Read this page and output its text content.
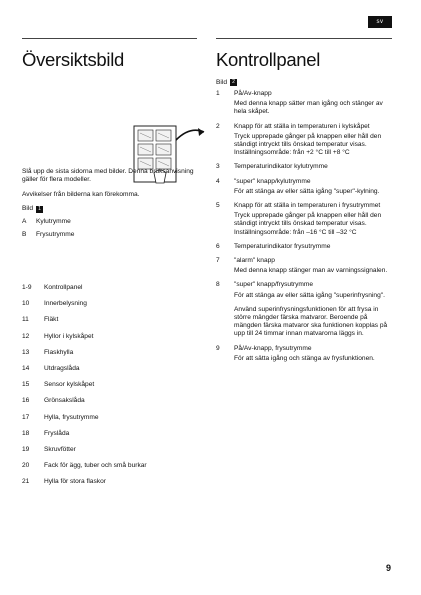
sv
Översiktsbild

Slå upp de sista sidorna med bilder. Denna bruksanvisning gäller för flera modeller.

Avvikelser från bilderna kan förekomma.

Bild	1
A	Kylutrymme
B	Frysutrymme
1-9	Kontrollpanel
10	Innerbelysning
11	Fläkt
12	Hyllor i kylskåpet
13	Flaskhylla
14	Utdragslåda
15	Sensor kylskåpet
16	Grönsakslåda
17	Hylla, frysutrymme
18	Fryslåda
19	Skruvfötter
20	Fack för ägg, tuber och små burkar
21	Hylla för stora flaskor
Kontrollpanel
Bild	2
1	På/Av-knapp
Med denna knapp sätter man igång och stänger av hela skåpet.
2	Knapp för att ställa in temperaturen i kylskåpet
Tryck upprepade gånger på knappen eller håll den ständigt intryckt tills önskad temperatur visas. Inställningsområde: från +2 °C till +8 °C
3	Temperaturindikator kylutrymme
4	"super" knapp/kylutrymme
För att stänga av eller sätta igång "super"-kylning.
5	Knapp för att ställa in temperaturen i frysutrymmet
Tryck upprepade gånger på knappen eller håll den ständigt intryckt tills önskad temperatur visas. Inställningsområde: från –16 °C till –32 °C
6	Temperaturindikator frysutrymme
7	"alarm" knapp
Med denna knapp stänger man av varningssignalen.
8	"super" knapp/frysutrymme
För att stänga av eller sätta igång "superinfrysning".
Använd superinfrysningsfunktionen för att frysa in större mängder färska matvaror. Beroende på mängden färska matvaror ska funktionen kopplas på upp till 24 timmar innan matvarorna läggs in.
9	På/Av-knapp, frysutrymme
För att sätta igång och stänga av frysfunktionen.
9
